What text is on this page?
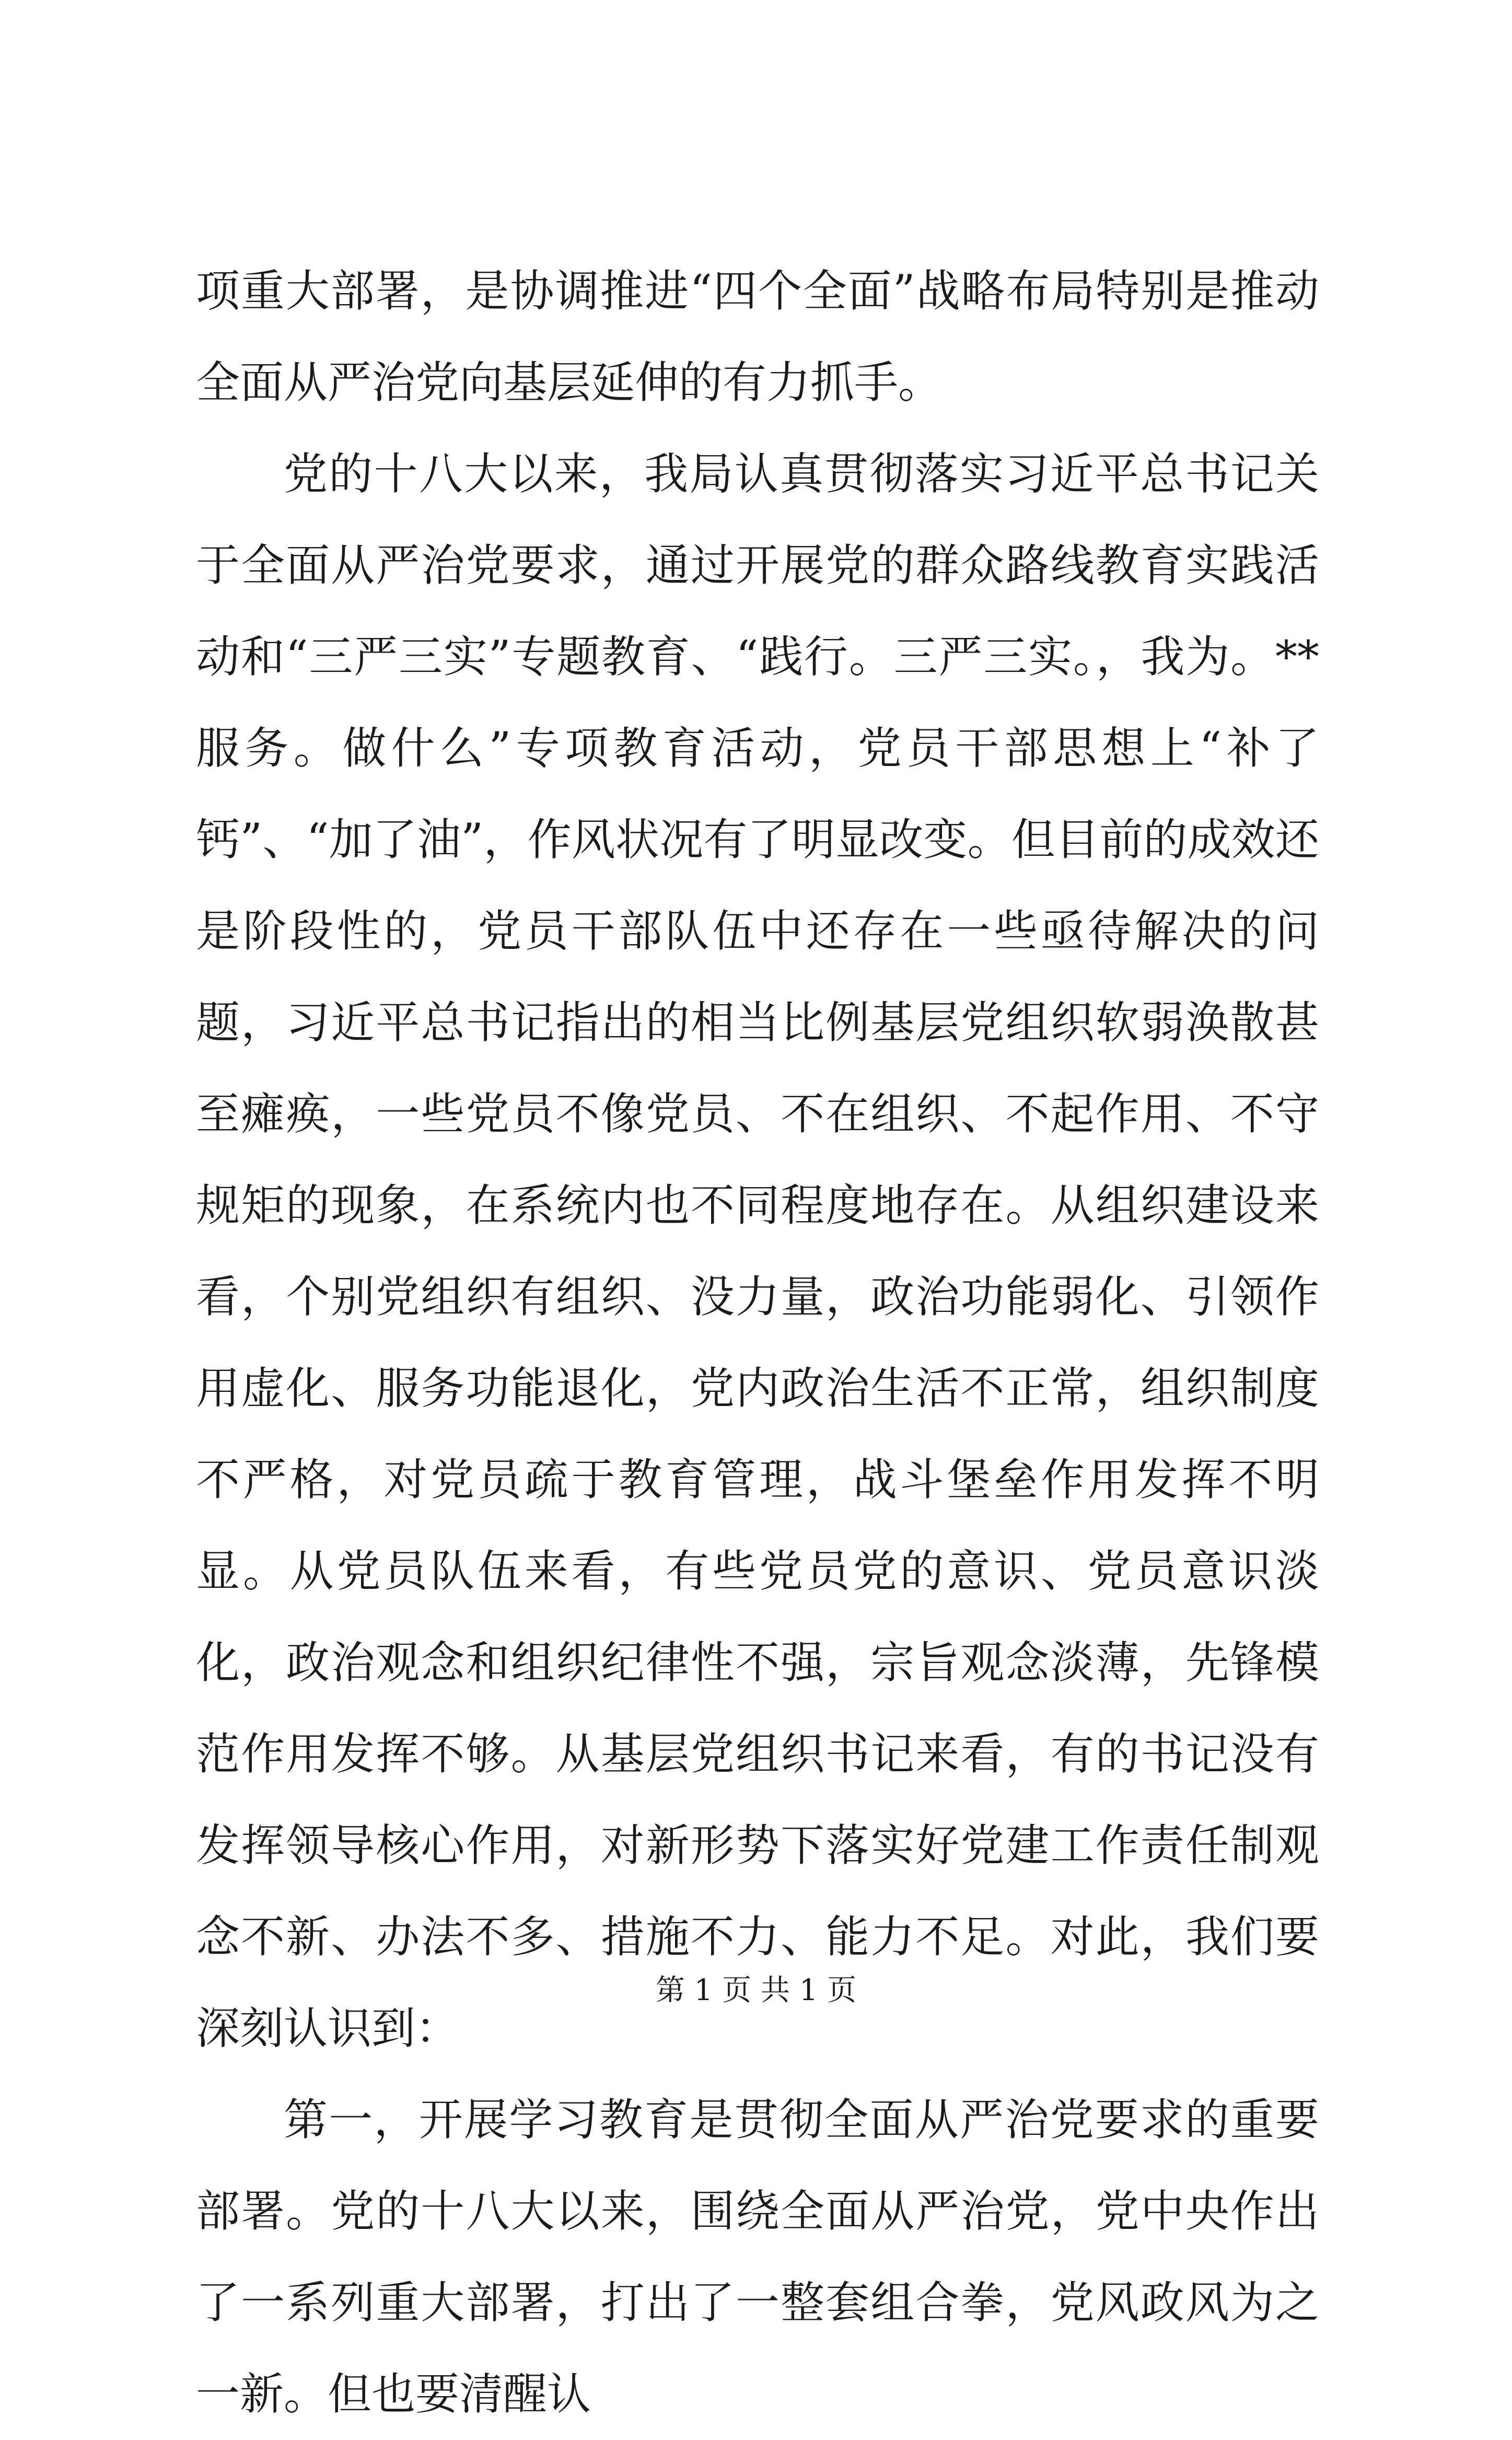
项重大部署，是协调推进“四个全面”战略布局特别是推动全面从严治党向基层延伸的有力抓手。

党的十八大以来，我局认真贯彻落实习近平总书记关于全面从严治党要求，通过开展党的群众路线教育实践活动和“三严三实”专题教育、“践行。三严三实。，我为。**服务。做什么”专项教育活动，党员干部思想上“补了钙”、“加了油”，作风状况有了明显改变。但目前的成效还是阶段性的，党员干部队伍中还存在一些亟待解决的问题，习近平总书记指出的相当比例基层党组织软弱涣散甚至瘫痪，一些党员不像党员、不在组织、不起作用、不守规矩的现象，在系统内也不同程度地存在。从组织建设来看，个别党组织有组织、没力量，政治功能弱化、引领作用虚化、服务功能退化，党内政治生活不正常，组织制度不严格，对党员疏于教育管理，战斗堡垒作用发挥不明显。从党员队伍来看，有些党员党的意识、党员意识淡化，政治观念和组织纪律性不强，宗旨观念淡薄，先锋模范作用发挥不够。从基层党组织书记来看，有的书记没有发挥领导核心作用，对新形势下落实好党建工作责任制观念不新、办法不多、措施不力、能力不足。对此，我们要深刻认识到：

第一，开展学习教育是贯彻全面从严治党要求的重要部署。党的十八大以来，围绕全面从严治党，党中央作出了一系列重大部署，打出了一整套组合拳，党风政风为之一新。但也要清醒认

第 1 页 共 1 页
